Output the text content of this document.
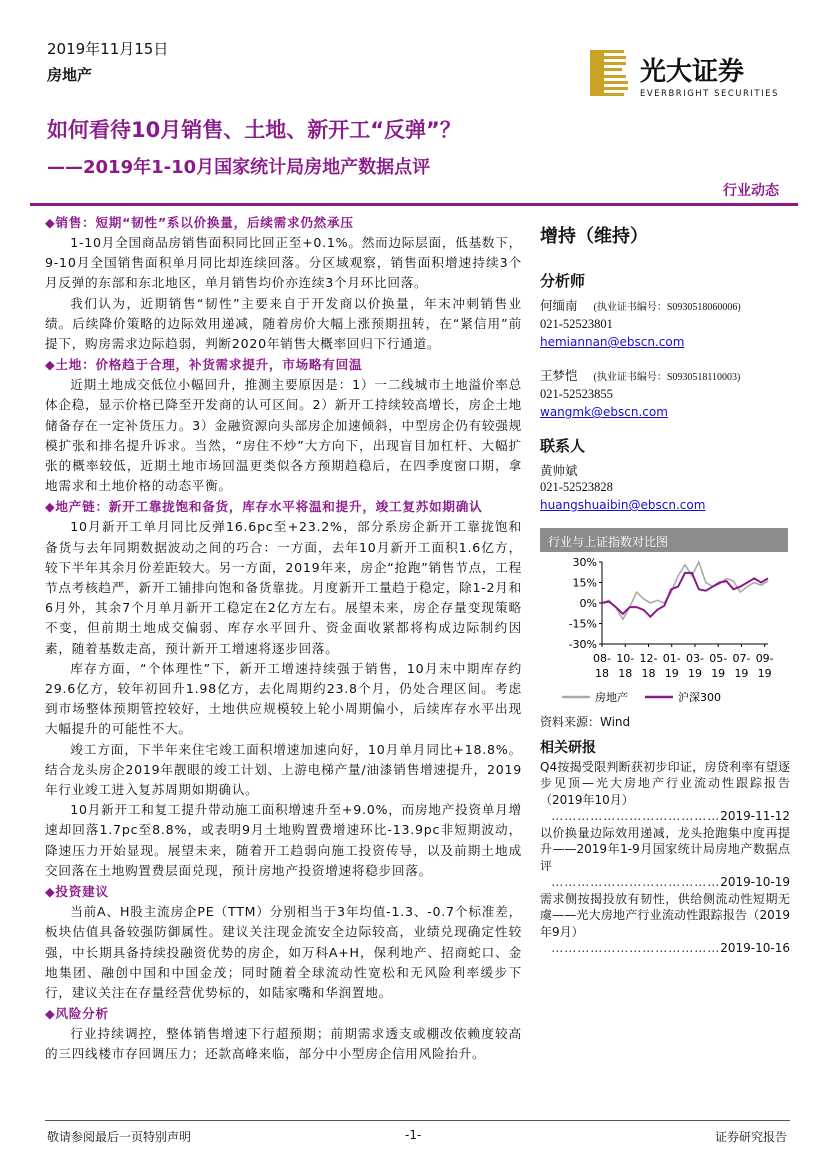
2019年11月15日
房地产	光大证券
EVERBRIGHT SECURITIES
如何看待10月销售、土地、新开工“反弹”？
——2019年1-10月国家统计局房地产数据点评
行业动态
◆销售：短期“韧性”系以价换量，后续需求仍然承压

1-10月全国商品房销售面积同比回正至+0.1%。然而边际层面，低基数下，9-10月全国销售面积单月同比却连续回落。分区域观察，销售面积增速持续3个月反弹的东部和东北地区，单月销售均价亦连续3个月环比回落。

我们认为，近期销售“韧性”主要来自于开发商以价换量，年末冲刺销售业绩。后续降价策略的边际效用递减，随着房价大幅上涨预期扭转，在“紧信用”前提下，购房需求边际趋弱，判断2020年销售大概率回归下行通道。

◆土地：价格趋于合理，补货需求提升，市场略有回温

近期土地成交低位小幅回升，推测主要原因是：1）一二线城市土地溢价率总体企稳，显示价格已降至开发商的认可区间。2）新开工持续较高增长，房企土地储备存在一定补货压力。3）金融资源向头部房企加速倾斜，中型房企仍有较强规模扩张和排名提升诉求。当然，“房住不炒”大方向下，出现盲目加杠杆、大幅扩张的概率较低，近期土地市场回温更类似各方预期趋稳后，在四季度窗口期，拿地需求和土地价格的动态平衡。

◆地产链：新开工靠拢饱和备货，库存水平将温和提升，竣工复苏如期确认

10月新开工单月同比反弹16.6pc至+23.2%，部分系房企新开工靠拢饱和备货与去年同期数据波动之间的巧合：一方面，去年10月新开工面积1.6亿方，较下半年其余月份差距较大。另一方面，2019年来，房企“抢跑”销售节点，工程节点考核趋严，新开工铺排向饱和备货靠拢。月度新开工量趋于稳定，除1-2月和6月外，其余7个月单月新开工稳定在2亿方左右。展望未来，房企存量变现策略不变，但前期土地成交偏弱、库存水平回升、资金面收紧都将构成边际制约因素，随着基数走高，预计新开工增速将逐步回落。

库存方面，“个体理性”下，新开工增速持续强于销售，10月末中期库存约29.6亿方，较年初回升1.98亿方，去化周期约23.8个月，仍处合理区间。考虑到市场整体预期管控较好，土地供应规模较上轮小周期偏小，后续库存水平出现大幅提升的可能性不大。

竣工方面，下半年来住宅竣工面积增速加速向好，10月单月同比+18.8%。结合龙头房企2019年靓眼的竣工计划、上游电梯产量/油漆销售增速提升，2019年行业竣工进入复苏周期如期确认。

10月新开工和复工提升带动施工面积增速升至+9.0%，而房地产投资单月增速却回落1.7pc至8.8%，或表明9月土地购置费增速环比-13.9pc非短期波动，降速压力开始显现。展望未来，随着开工趋弱向施工投资传导，以及前期土地成交回落在土地购置费层面兑现，预计房地产投资增速将稳步回落。

◆投资建议

当前A、H股主流房企PE（TTM）分别相当于3年均值-1.3、-0.7个标准差，板块估值具备较强防御属性。建议关注现金流安全边际较高，业绩兑现确定性较强，中长期具备持续投融资优势的房企，如万科A+H，保利地产、招商蛇口、金地集团、融创中国和中国金茂；同时随着全球流动性宽松和无风险利率缓步下行，建议关注在存量经营优势标的，如陆家嘴和华润置地。

◆风险分析

行业持续调控，整体销售增速下行超预期；前期需求透支或棚改依赖度较高的三四线楼市存回调压力；还款高峰来临，部分中小型房企信用风险抬升。

增持（维持）
分析师
何缅南 (执业证书编号：S0930518060006)
021-52523801
hemiannan@ebscn.com
王梦恺 (执业证书编号：S0930518110003)
021-52523855
wangmk@ebscn.com
联系人
黄帅斌
021-52523828
huangshuaibin@ebscn.com
行业与上证指数对比图
30%
15%
0%
-15%
-30%
08-
18
10-
18
12-
18
01-
19
03-
19
05-
19
07-
19
09-
19
房地产	沪深300
资料来源：Wind
相关研报
Q4按揭受限判断获初步印证，房贷利率有望逐步见顶—光大房地产行业流动性跟踪报告（2019年10月）
…………………………………2019-11-12
以价换量边际效用递减，龙头抢跑集中度再提升——2019年1-9月国家统计局房地产数据点评
…………………………………2019-10-19
需求侧按揭投放有韧性，供给侧流动性短期无虞——光大房地产行业流动性跟踪报告（2019年9月）
…………………………………2019-10-16
敬请参阅最后一页特别声明	-1-	证券研究报告
